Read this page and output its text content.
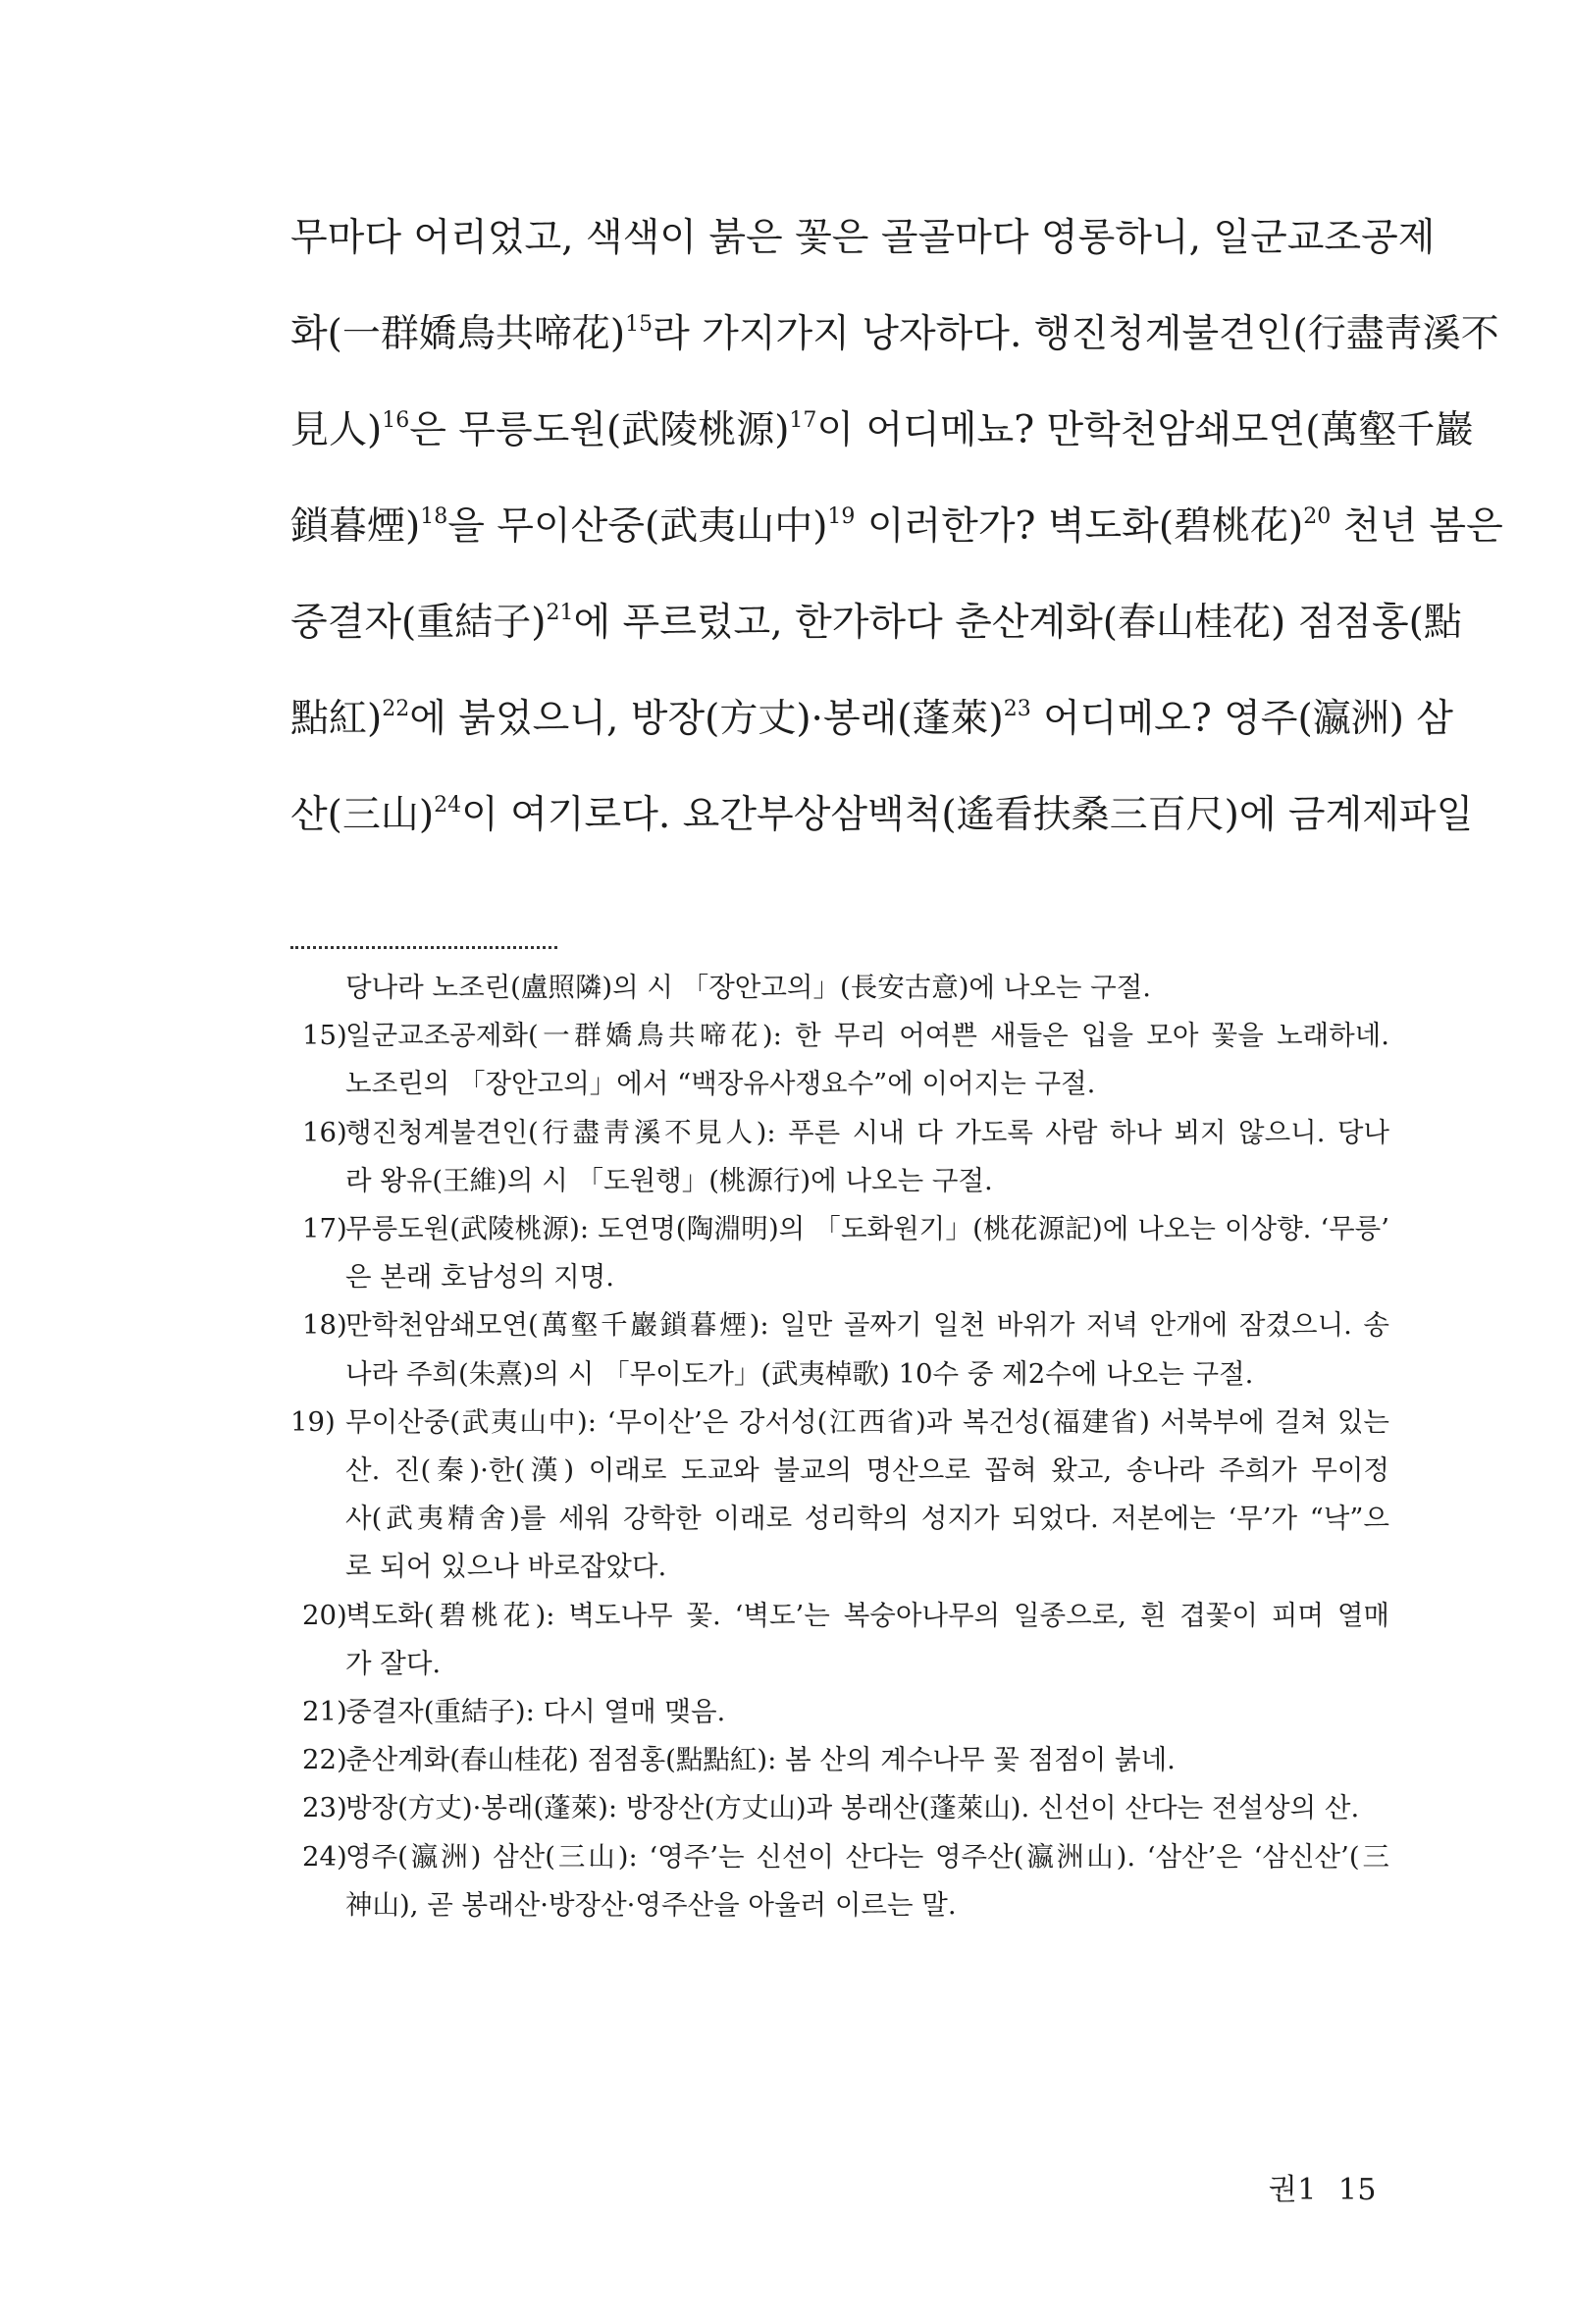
무마다 어리었고, 색색이 붉은 꽃은 골골마다 영롱하니, 일군교조공제
화(一群嬌鳥共啼花)$^{15}$라 가지가지 낭자하다. 행진청계불견인(行盡靑溪不
見人)$^{16}$은 무릉도원(武陵桃源)$^{17}$이 어디메뇨? 만학천암쇄모연(萬壑千巖
鎖暮煙)$^{18}$을 무이산중(武夷山中)$^{19}$ 이러한가? 벽도화(碧桃花)$^{20}$ 천년 봄은
중결자(重結子)$^{21}$에 푸르렀고, 한가하다 춘산계화(春山桂花) 점점홍(點
點紅)$^{22}$에 붉었으니, 방장(方丈)·봉래(蓬萊)$^{23}$ 어디메오? 영주(瀛洲) 삼
산(三山)$^{24}$이 여기로다. 요간부상삼백척(遙看扶桑三百尺)에 금계제파일
당나라 노조린(盧照隣)의 시 「장안고의」(長安古意)에 나오는 구절.
15)
일군교조공제화(一群嬌鳥共啼花): 한 무리 어여쁜 새들은 입을 모아 꽃을 노래하네.
노조린의 「장안고의」에서 “백장유사쟁요수”에 이어지는 구절.
16)
행진청계불견인(行盡靑溪不見人): 푸른 시내 다 가도록 사람 하나 뵈지 않으니. 당나
라 왕유(王維)의 시 「도원행」(桃源行)에 나오는 구절.
17)
무릉도원(武陵桃源): 도연명(陶淵明)의 「도화원기」(桃花源記)에 나오는 이상향. ‘무릉’
은 본래 호남성의 지명.
18)
만학천암쇄모연(萬壑千巖鎖暮煙): 일만 골짜기 일천 바위가 저녁 안개에 잠겼으니. 송
나라 주희(朱熹)의 시 「무이도가」(武夷棹歌) 10수 중 제2수에 나오는 구절.
19) 무이산중(武夷山中): ‘무이산’은 강서성(江西省)과 복건성(福建省) 서북부에 걸쳐 있는
산. 진(秦)·한(漢) 이래로 도교와 불교의 명산으로 꼽혀 왔고, 송나라 주희가 무이정
사(武夷精舍)를 세워 강학한 이래로 성리학의 성지가 되었다. 저본에는 ‘무’가 “낙”으
로 되어 있으나 바로잡았다.
20)
벽도화(碧桃花): 벽도나무 꽃. ‘벽도’는 복숭아나무의 일종으로, 흰 겹꽃이 피며 열매
가 잘다.
21)
중결자(重結子): 다시 열매 맺음.
22)
춘산계화(春山桂花) 점점홍(點點紅): 봄 산의 계수나무 꽃 점점이 붉네.
23)
방장(方丈)·봉래(蓬萊): 방장산(方丈山)과 봉래산(蓬萊山). 신선이 산다는 전설상의 산.
24)
영주(瀛洲) 삼산(三山): ‘영주’는 신선이 산다는 영주산(瀛洲山). ‘삼산’은 ‘삼신산’(三
神山), 곧 봉래산·방장산·영주산을 아울러 이르는 말.
권1 15
